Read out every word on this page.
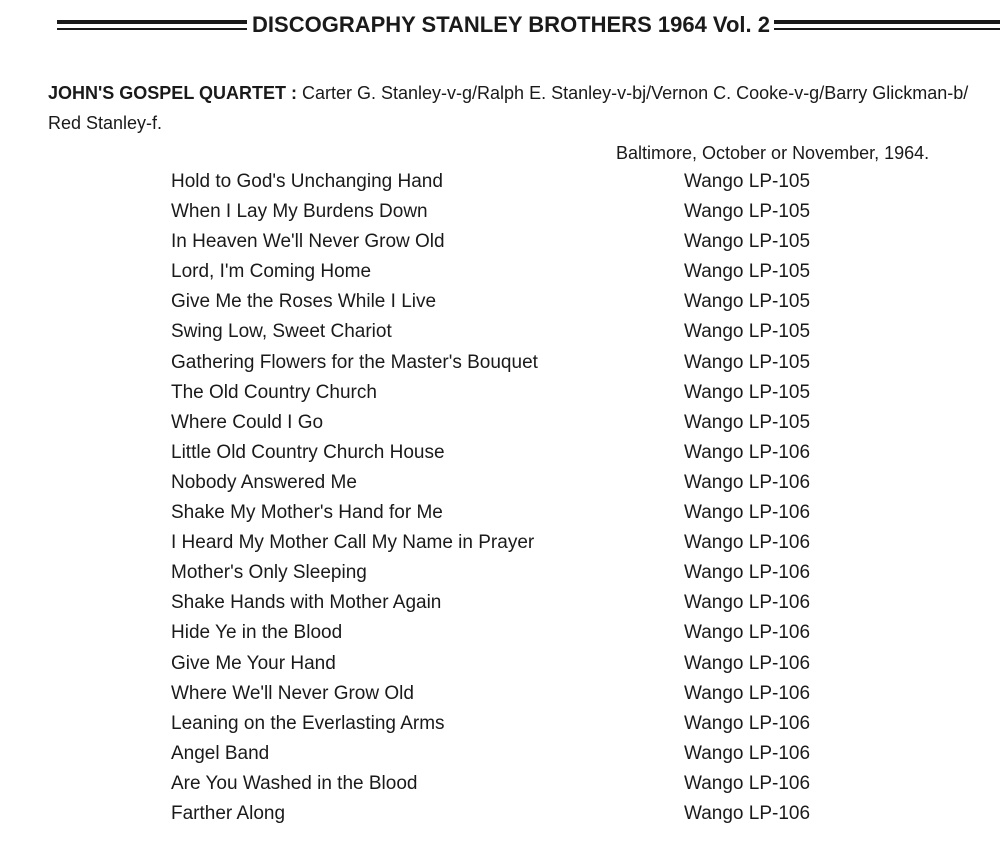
DISCOGRAPHY STANLEY BROTHERS 1964 Vol. 2
JOHN'S GOSPEL QUARTET : Carter G. Stanley-v-g/Ralph E. Stanley-v-bj/Vernon C. Cooke-v-g/Barry Glickman-b/ Red Stanley-f.
Baltimore, October or November, 1964.
Hold to God's Unchanging Hand	Wango LP-105
When I Lay My Burdens Down	Wango LP-105
In Heaven We'll Never Grow Old	Wango LP-105
Lord, I'm Coming Home	Wango LP-105
Give Me the Roses While I Live	Wango LP-105
Swing Low, Sweet Chariot	Wango LP-105
Gathering Flowers for the Master's Bouquet	Wango LP-105
The Old Country Church	Wango LP-105
Where Could I Go	Wango LP-105
Little Old Country Church House	Wango LP-106
Nobody Answered Me	Wango LP-106
Shake My Mother's Hand for Me	Wango LP-106
I Heard My Mother Call My Name in Prayer	Wango LP-106
Mother's Only Sleeping	Wango LP-106
Shake Hands with Mother Again	Wango LP-106
Hide Ye in the Blood	Wango LP-106
Give Me Your Hand	Wango LP-106
Where We'll Never Grow Old	Wango LP-106
Leaning on the Everlasting Arms	Wango LP-106
Angel Band	Wango LP-106
Are You Washed in the Blood	Wango LP-106
Farther Along	Wango LP-106
